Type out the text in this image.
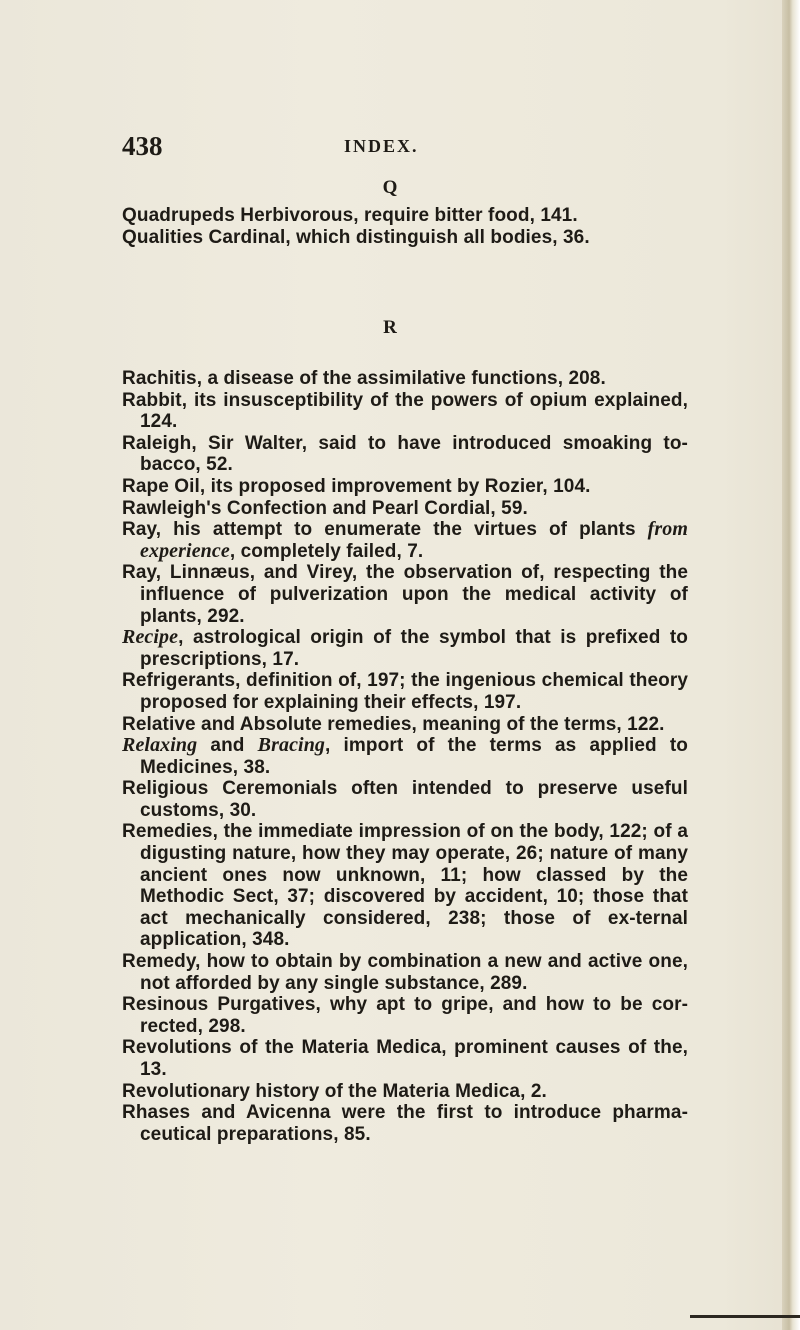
438	INDEX.
Q

Quadrupeds Herbivorous, require bitter food, 141.

Qualities Cardinal, which distinguish all bodies, 36.

R

Rachitis, a disease of the assimilative functions, 208.

Rabbit, its insusceptibility of the powers of opium explained, 124.

Raleigh, Sir Walter, said to have introduced smoaking to-bacco, 52.

Rape Oil, its proposed improvement by Rozier, 104.

Rawleigh's Confection and Pearl Cordial, 59.

Ray, his attempt to enumerate the virtues of plants from experience, completely failed, 7.

Ray, Linnæus, and Virey, the observation of, respecting the influence of pulverization upon the medical activity of plants, 292.

Recipe, astrological origin of the symbol that is prefixed to prescriptions, 17.

Refrigerants, definition of, 197; the ingenious chemical theory proposed for explaining their effects, 197.

Relative and Absolute remedies, meaning of the terms, 122.

Relaxing and Bracing, import of the terms as applied to Medicines, 38.

Religious Ceremonials often intended to preserve useful customs, 30.

Remedies, the immediate impression of on the body, 122; of a digusting nature, how they may operate, 26; nature of many ancient ones now unknown, 11; how classed by the Methodic Sect, 37; discovered by accident, 10; those that act mechanically considered, 238; those of ex-ternal application, 348.

Remedy, how to obtain by combination a new and active one, not afforded by any single substance, 289.

Resinous Purgatives, why apt to gripe, and how to be cor-rected, 298.

Revolutions of the Materia Medica, prominent causes of the, 13.

Revolutionary history of the Materia Medica, 2.

Rhases and Avicenna were the first to introduce pharma-ceutical preparations, 85.
